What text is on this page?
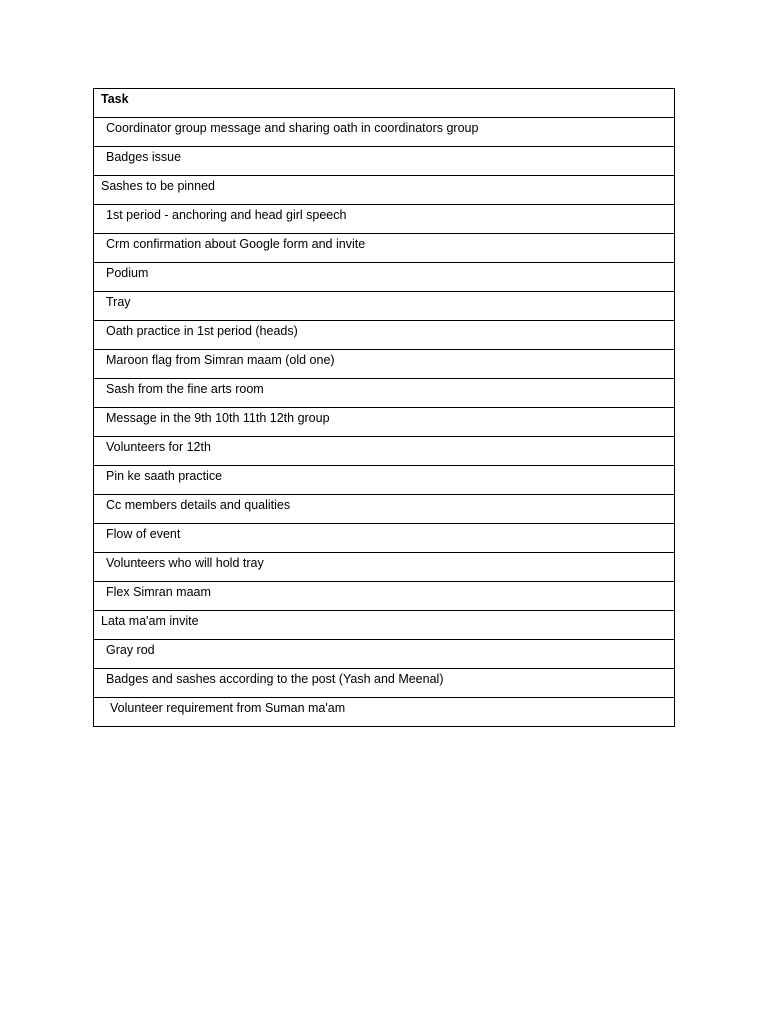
Task
Coordinator group message and sharing oath in coordinators group
Badges issue
Sashes to be pinned
1st period - anchoring and head girl speech
Crm confirmation about Google form and invite
Podium
Tray
Oath practice in 1st period (heads)
Maroon flag from Simran maam (old one)
Sash from the fine arts room
Message in the 9th 10th 11th 12th group
Volunteers for 12th
Pin ke saath practice
Cc members details and qualities
Flow of event
Volunteers who will hold tray
Flex Simran maam
Lata ma'am invite
Gray rod
Badges and sashes according to the post (Yash and Meenal)
Volunteer requirement from Suman ma'am
